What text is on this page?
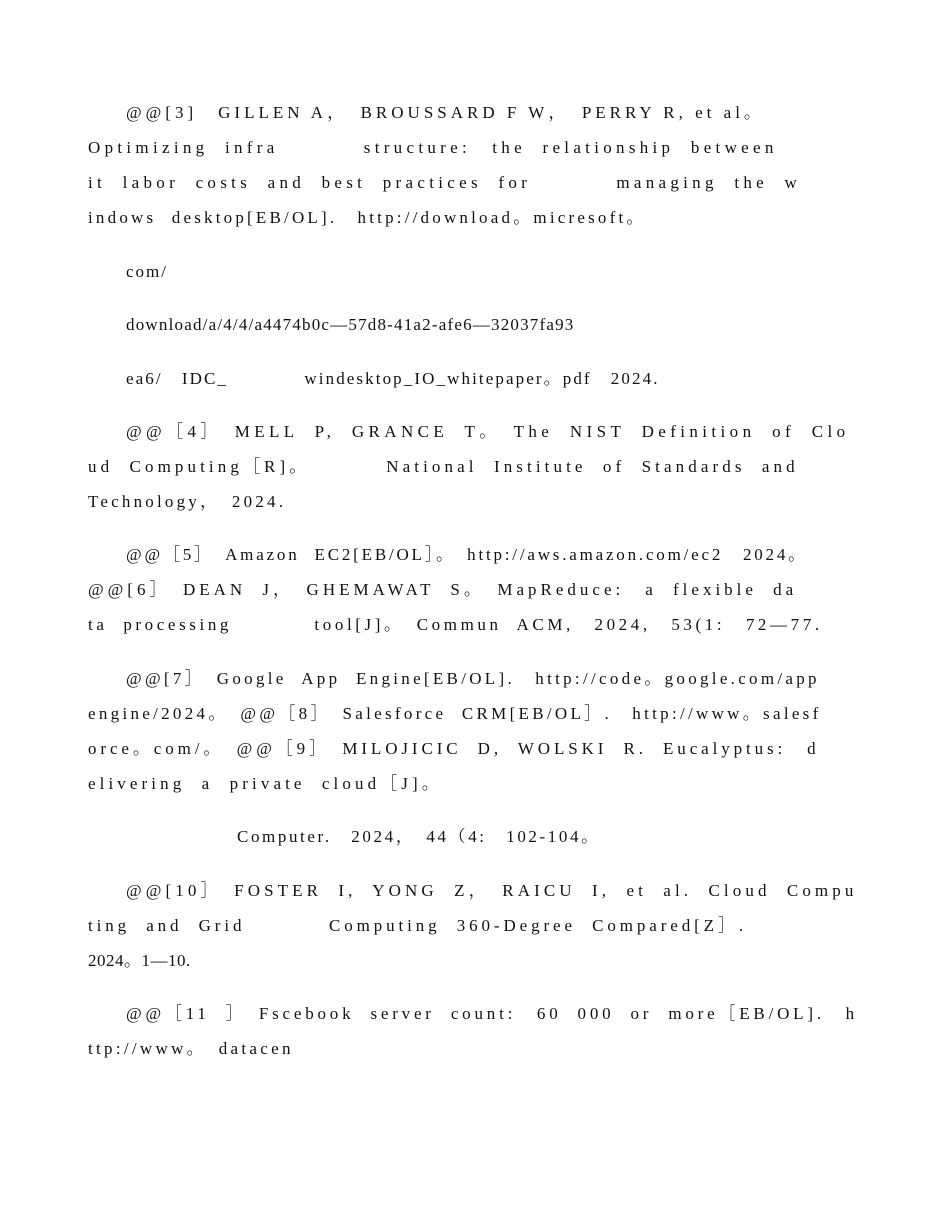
@@[3]　GILLEN A，　BROUSSARD F W，　PERRY R, et al。
Optimizing infra　　　　structure:　the relationship between
it labor costs and best practices for　　　　managing the w
indows desktop[EB/OL].　http://download。micresoft。
com/
download/a/4/4/a4474b0c—57d8-41a2-afe6—32037fa93
ea6/　IDC_　　　　windesktop_IO_whitepaper。pdf　2024.
@@［4］　MELL P, GRANCE T。　The NIST Definition of Clo
ud Computing［R]。　　　　National Institute of Standards and
Technology，　2024.
@@［5］　Amazon EC2[EB/OL］。　http://aws.amazon.com/ec2　2024。
@@[6］　DEAN J，　GHEMAWAT S。　MapReduce:　a flexible da
ta processing　　　　tool[J]。　Commun ACM,　2024,　53(1:　72—77.
@@[7］　Google App Engine[EB/OL].　http://code。google.com/app
engine/2024。　@@［8］　Salesforce CRM[EB/OL］.　http://www。salesf
orce。com/。　@@［9］　MILOJICIC D, WOLSKI R. Eucalyptus:　d
elivering a private cloud［J]。
Computer.　2024，　44（4:　102-104。
@@[10］　FOSTER I, YONG Z，　RAICU I, et al. Cloud Compu
ting and Grid　　　　Computing 360-Degree Compared[Z］.
2024。1—10.
@@［11 ］　Fscebook server count:　60 000 or more［EB/OL].　h
ttp://www。　datacen
